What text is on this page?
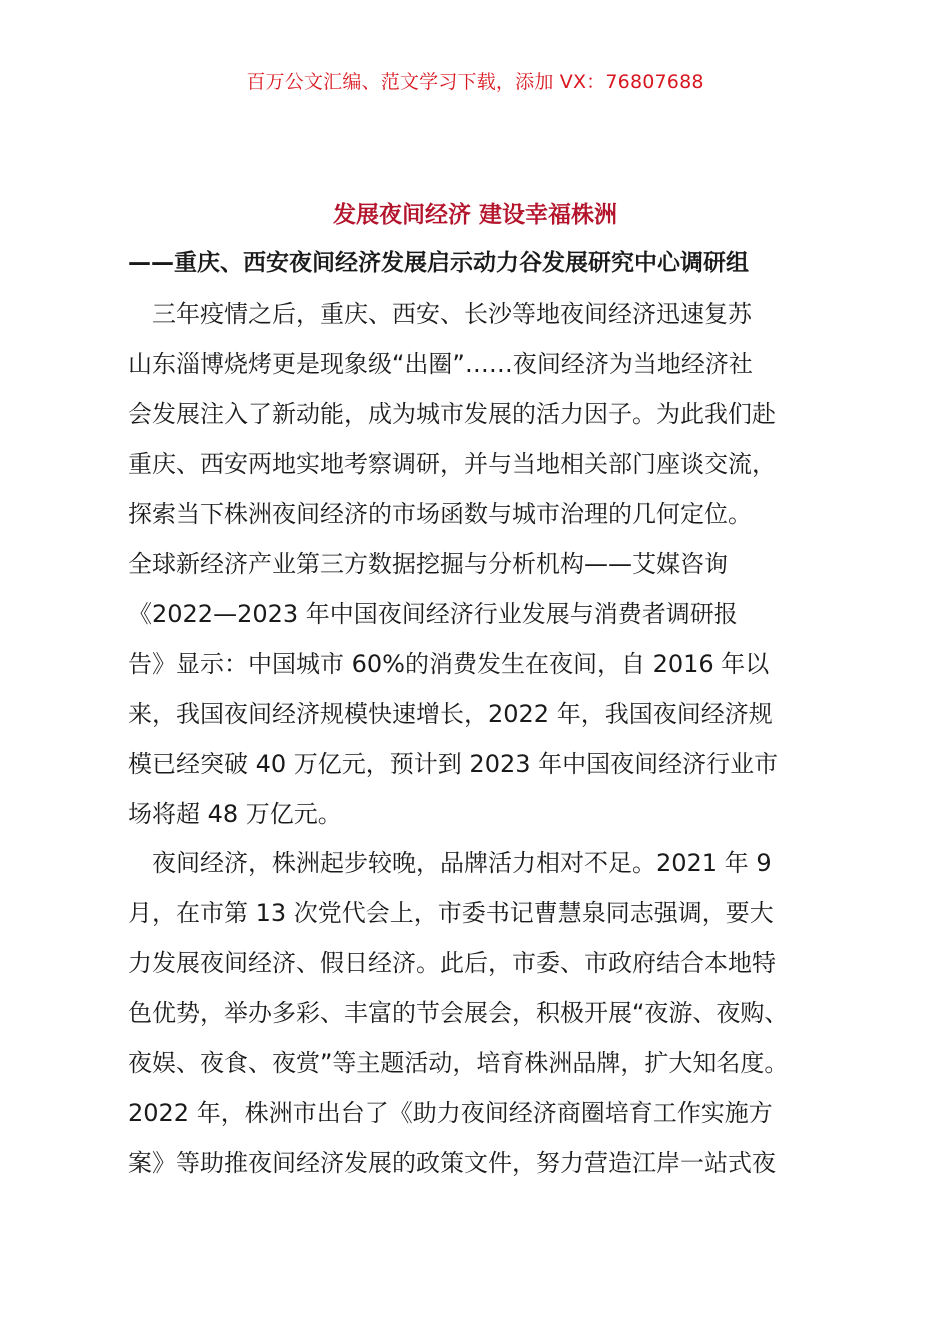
百万公文汇编、范文学习下载，添加 VX：76807688
发展夜间经济 建设幸福株洲
——重庆、西安夜间经济发展启示动力谷发展研究中心调研组
　三年疫情之后，重庆、西安、长沙等地夜间经济迅速复苏
山东淄博烧烤更是现象级“出圈”……夜间经济为当地经济社
会发展注入了新动能，成为城市发展的活力因子。为此我们赴
重庆、西安两地实地考察调研，并与当地相关部门座谈交流，
探索当下株洲夜间经济的市场函数与城市治理的几何定位。
全球新经济产业第三方数据挖掘与分析机构——艾媒咨询
《2022—2023 年中国夜间经济行业发展与消费者调研报
告》显示：中国城市 60%的消费发生在夜间，自 2016 年以
来，我国夜间经济规模快速增长，2022 年，我国夜间经济规
模已经突破 40 万亿元，预计到 2023 年中国夜间经济行业市
场将超 48 万亿元。
　夜间经济，株洲起步较晚，品牌活力相对不足。2021 年 9
月，在市第 13 次党代会上，市委书记曹慧泉同志强调，要大
力发展夜间经济、假日经济。此后，市委、市政府结合本地特
色优势，举办多彩、丰富的节会展会，积极开展“夜游、夜购、
夜娱、夜食、夜赏”等主题活动，培育株洲品牌，扩大知名度。
2022 年，株洲市出台了《助力夜间经济商圈培育工作实施方
案》等助推夜间经济发展的政策文件，努力营造江岸一站式夜
